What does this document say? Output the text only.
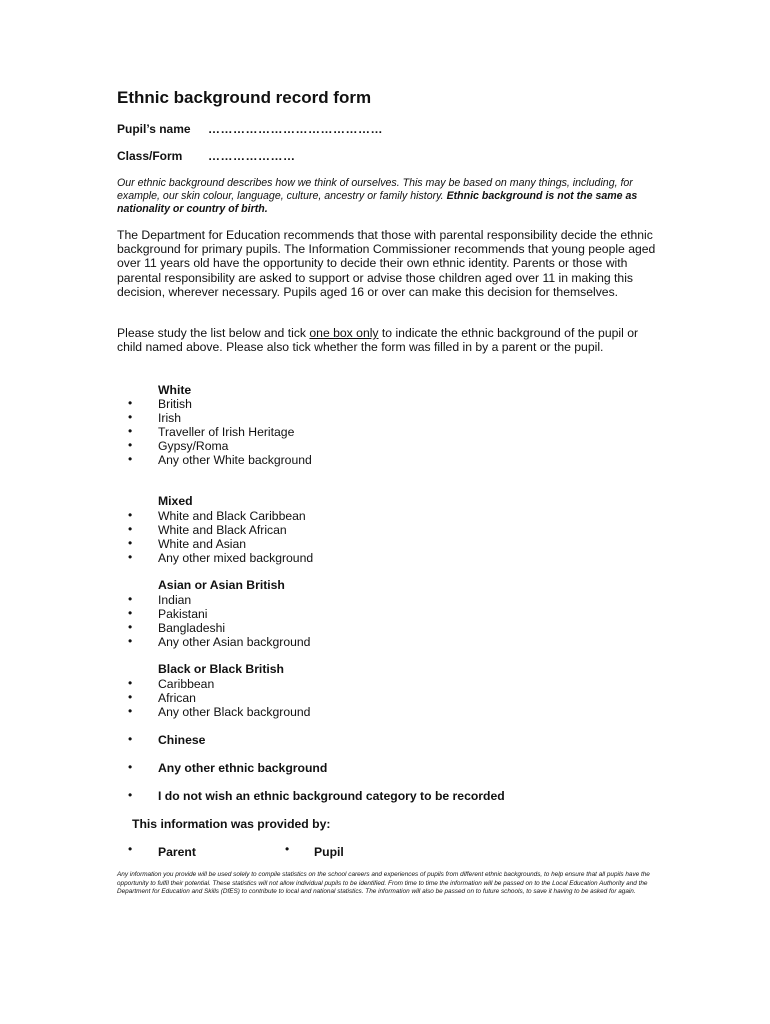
Ethnic background record form
Pupil’s name ……………………………………
Class/Form …………………
Our ethnic background describes how we think of ourselves. This may be based on many things, including, for example, our skin colour, language, culture, ancestry or family history. Ethnic background is not the same as nationality or country of birth.
The Department for Education recommends that those with parental responsibility decide the ethnic background for primary pupils. The Information Commissioner recommends that young people aged over 11 years old have the opportunity to decide their own ethnic identity. Parents or those with parental responsibility are asked to support or advise those children aged over 11 in making this decision, wherever necessary. Pupils aged 16 or over can make this decision for themselves.
Please study the list below and tick one box only to indicate the ethnic background of the pupil or child named above. Please also tick whether the form was filled in by a parent or the pupil.
White
• British
• Irish
• Traveller of Irish Heritage
• Gypsy/Roma
• Any other White background
Mixed
• White and Black Caribbean
• White and Black African
• White and Asian
• Any other mixed background
Asian or Asian British
• Indian
• Pakistani
• Bangladeshi
• Any other Asian background
Black or Black British
• Caribbean
• African
• Any other Black background
• Chinese
• Any other ethnic background
• I do not wish an ethnic background category to be recorded
This information was provided by:
• Parent	• Pupil
Any information you provide will be used solely to compile statistics on the school careers and experiences of pupils from different ethnic backgrounds, to help ensure that all pupils have the opportunity to fulfil their potential. These statistics will not allow individual pupils to be identified. From time to time the information will be passed on to the Local Education Authority and the Department for Education and Skills (DfES) to contribute to local and national statistics. The information will also be passed on to future schools, to save it having to be asked for again.
